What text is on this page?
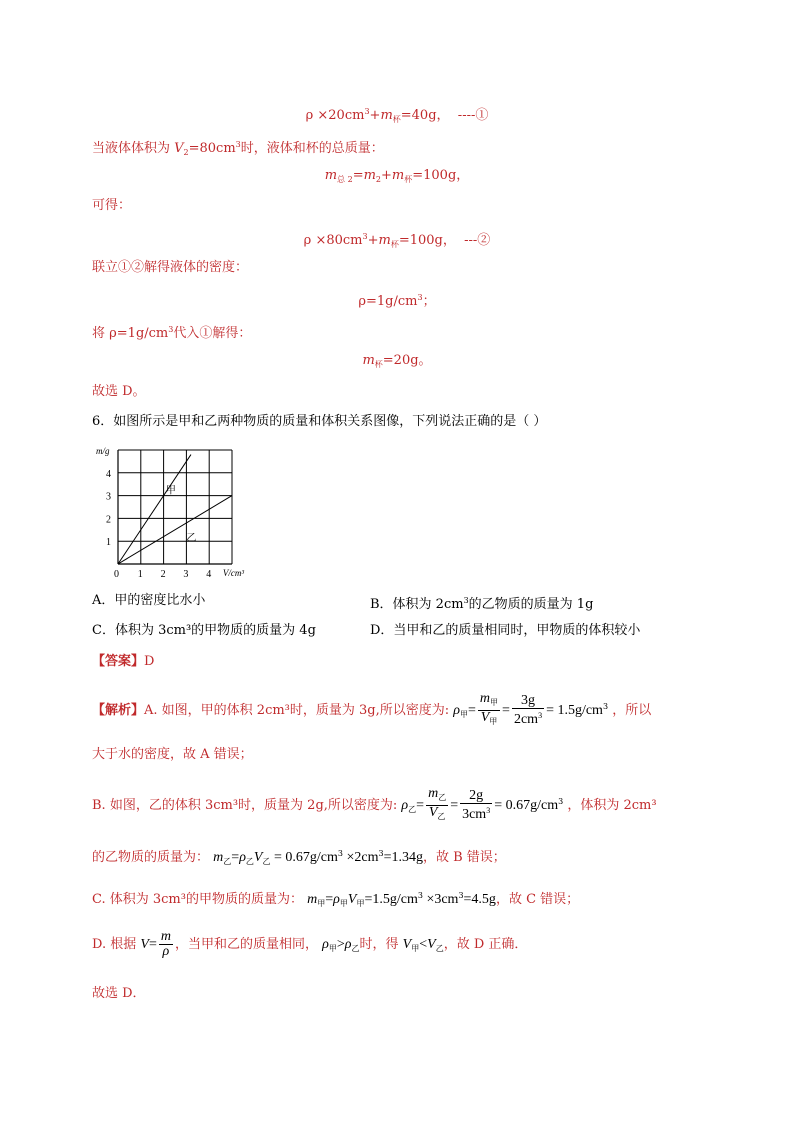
$\rho \times 20cm^3+m_杯=40g$， ----①
当液体体积为 $V_2=80cm^3$时，液体和杯的总质量：
$m_{总 2}=m_2+m_杯=100g$，
可得：
$\rho \times 80cm^3+m_杯=100g$， ---②
联立①②解得液体的密度：
$\rho=1g/cm^3$；
将 $\rho=1g/cm^3$代入①解得：
$m_杯=20g$。
故选 D。
6．如图所示是甲和乙两种物质的质量和体积关系图像，下列说法正确的是（ ）
甲
乙
0 1 2 3 4
1
2
3
4
m/g
V/cm³
A．甲的密度比水小	B．体积为 $2cm^3$的乙物质的质量为 1g
C．体积为 3cm³的甲物质的质量为 4g	D．当甲和乙的质量相同时，甲物质的体积较小
【答案】D
【解析】A. 如图，甲的体积 2cm³时，质量为 3g,所以密度为: $\rho_甲= \frac{m_甲}{V_甲} = \frac{3g}{2cm^3} = 1.5g/cm^3$ ，所以
大于水的密度，故 A 错误；
B. 如图，乙的体积 3cm³时，质量为 2g,所以密度为: $\rho_乙= \frac{m_乙}{V_乙} = \frac{2g}{3cm^3} = 0.67g/cm^3$ ，体积为 2cm³
的乙物质的质量为： $m_乙=\rho_乙V_乙 = 0.67g/cm^3 \times 2cm^3=1.34g$，故 B 错误；
C. 体积为 3cm³的甲物质的质量为： $m_甲=\rho_甲V_甲=1.5g/cm^3 \times 3cm^3=4.5g$，故 C 错误；
D. 根据 $V= \frac{m}{\rho}$ ，当甲和乙的质量相同， $\rho_甲>\rho_乙$时，得 $V_甲<V_乙$，故 D 正确．
故选 D．
